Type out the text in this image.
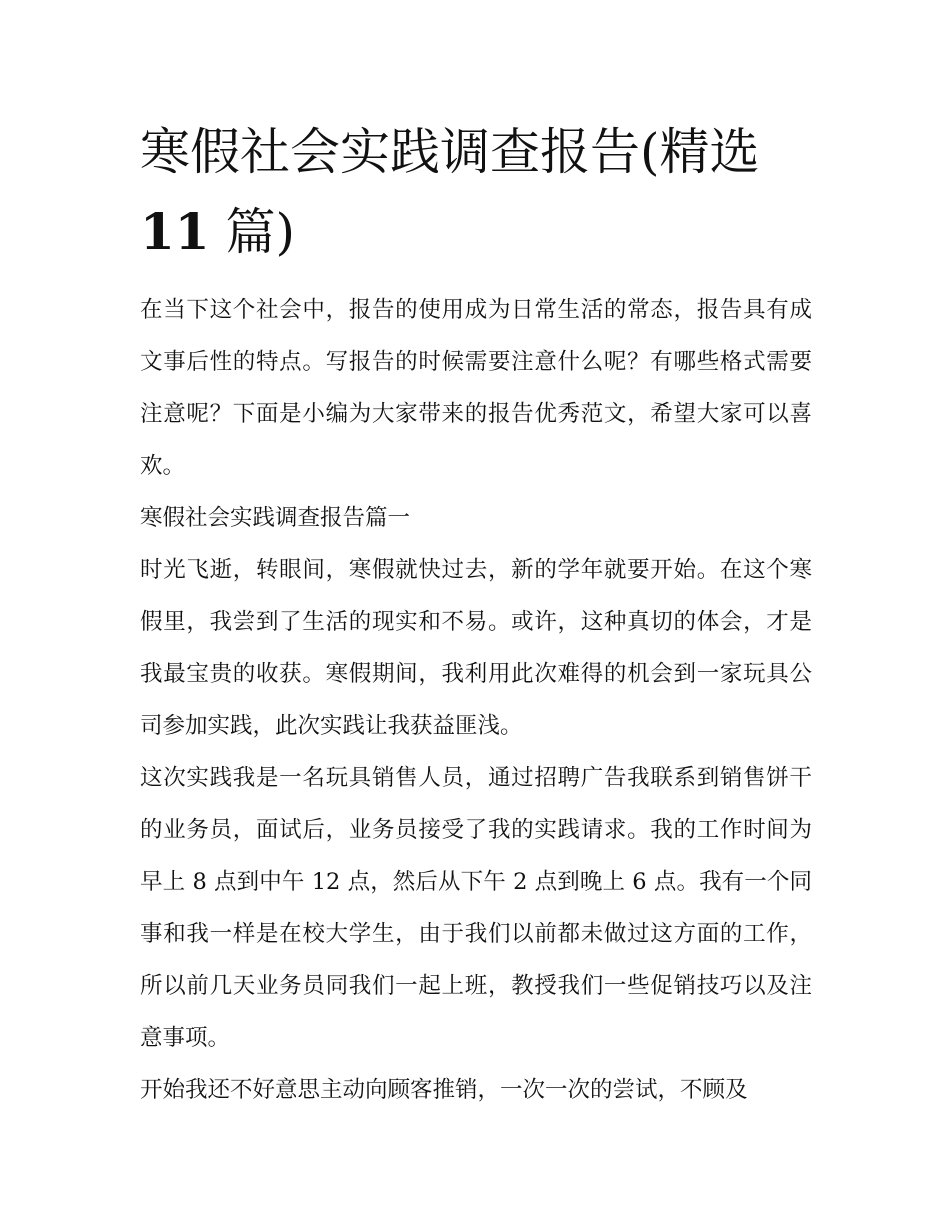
寒假社会实践调查报告(精选
11 篇)

在当下这个社会中，报告的使用成为日常生活的常态，报告具有成文事后性的特点。写报告的时候需要注意什么呢？有哪些格式需要注意呢？下面是小编为大家带来的报告优秀范文，希望大家可以喜欢。

寒假社会实践调查报告篇一

时光飞逝，转眼间，寒假就快过去，新的学年就要开始。在这个寒假里，我尝到了生活的现实和不易。或许，这种真切的体会，才是我最宝贵的收获。寒假期间，我利用此次难得的机会到一家玩具公司参加实践，此次实践让我获益匪浅。

这次实践我是一名玩具销售人员，通过招聘广告我联系到销售饼干的业务员，面试后，业务员接受了我的实践请求。我的工作时间为早上 8 点到中午 12 点，然后从下午 2 点到晚上 6 点。我有一个同事和我一样是在校大学生，由于我们以前都未做过这方面的工作，所以前几天业务员同我们一起上班，教授我们一些促销技巧以及注意事项。

开始我还不好意思主动向顾客推销，一次一次的尝试，不顾及
